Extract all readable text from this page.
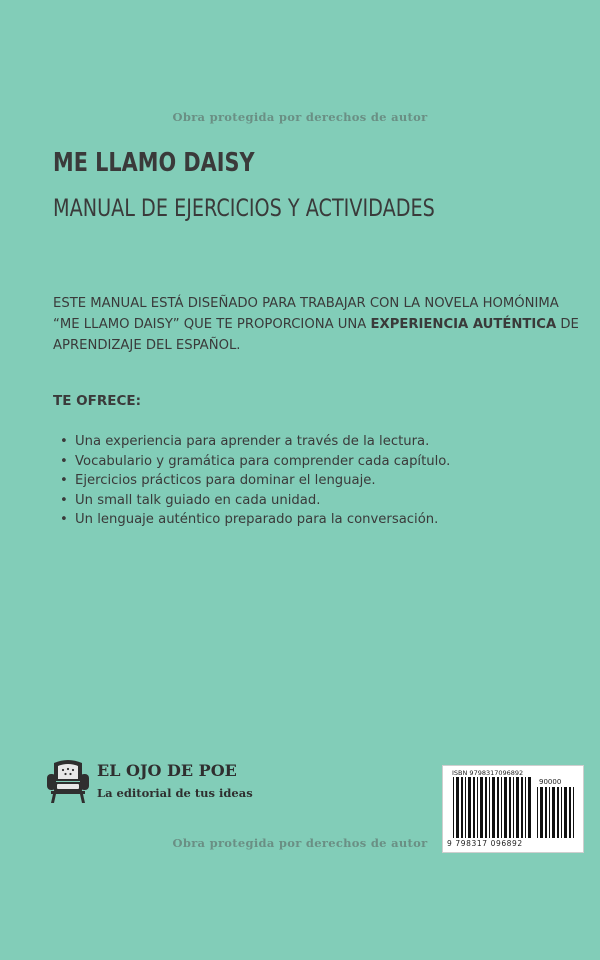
Obra protegida por derechos de autor
ME LLAMO DAISY
MANUAL DE EJERCICIOS Y ACTIVIDADES
ESTE MANUAL ESTÁ DISEÑADO PARA TRABAJAR CON LA NOVELA HOMÓNIMA
“ME LLAMO DAISY” QUE TE PROPORCIONA UNA EXPERIENCIA AUTÉNTICA DE
APRENDIZAJE DEL ESPAÑOL.
TE OFRECE:
• Una experiencia para aprender a través de la lectura.
• Vocabulario y gramática para comprender cada capítulo.
• Ejercicios prácticos para dominar el lenguaje.
• Un small talk guiado en cada unidad.
• Un lenguaje auténtico preparado para la conversación.
EL OJO DE POE
La editorial de tus ideas
ISBN 9798317096892
90000
9 798317 096892
Obra protegida por derechos de autor
